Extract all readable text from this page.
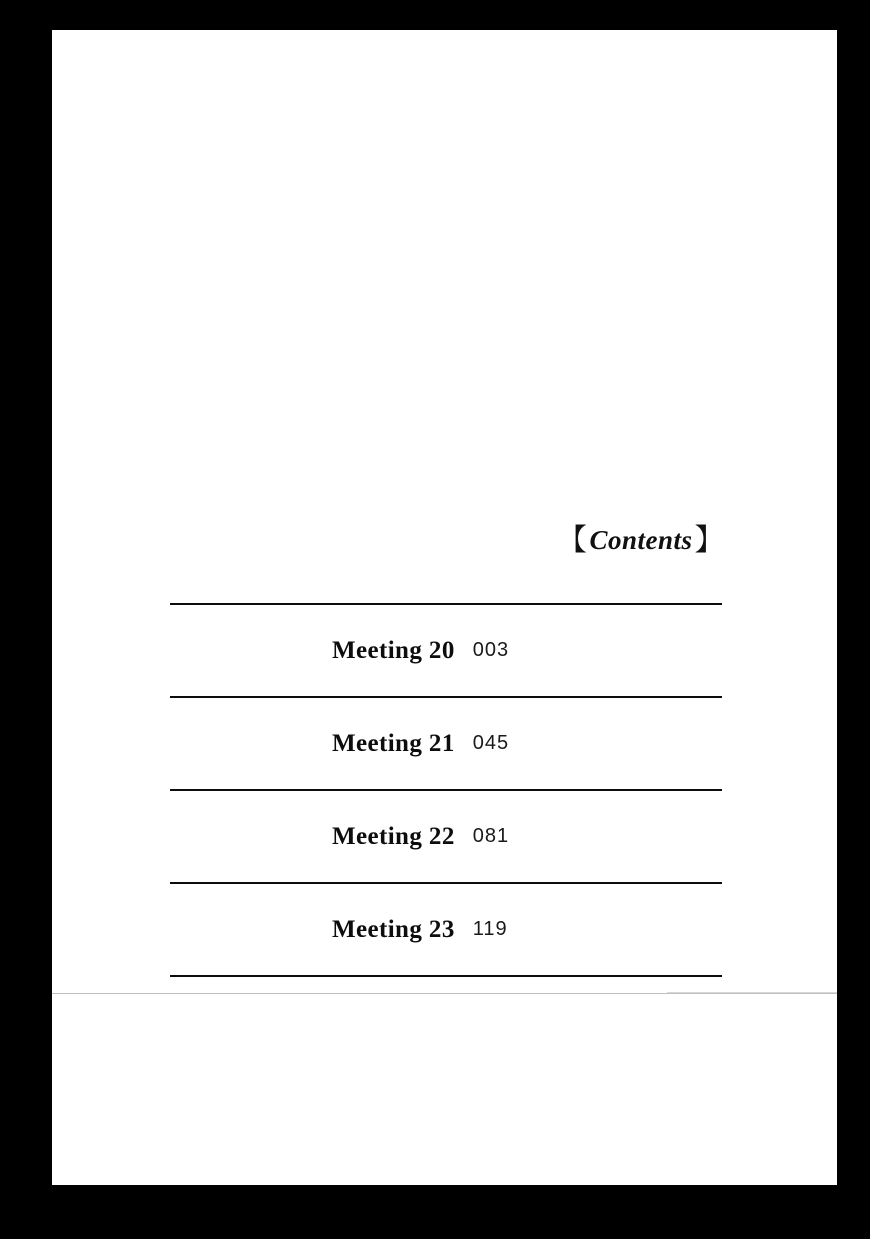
【Contents】
Meeting 20 003
Meeting 21 045
Meeting 22 081
Meeting 23 119
